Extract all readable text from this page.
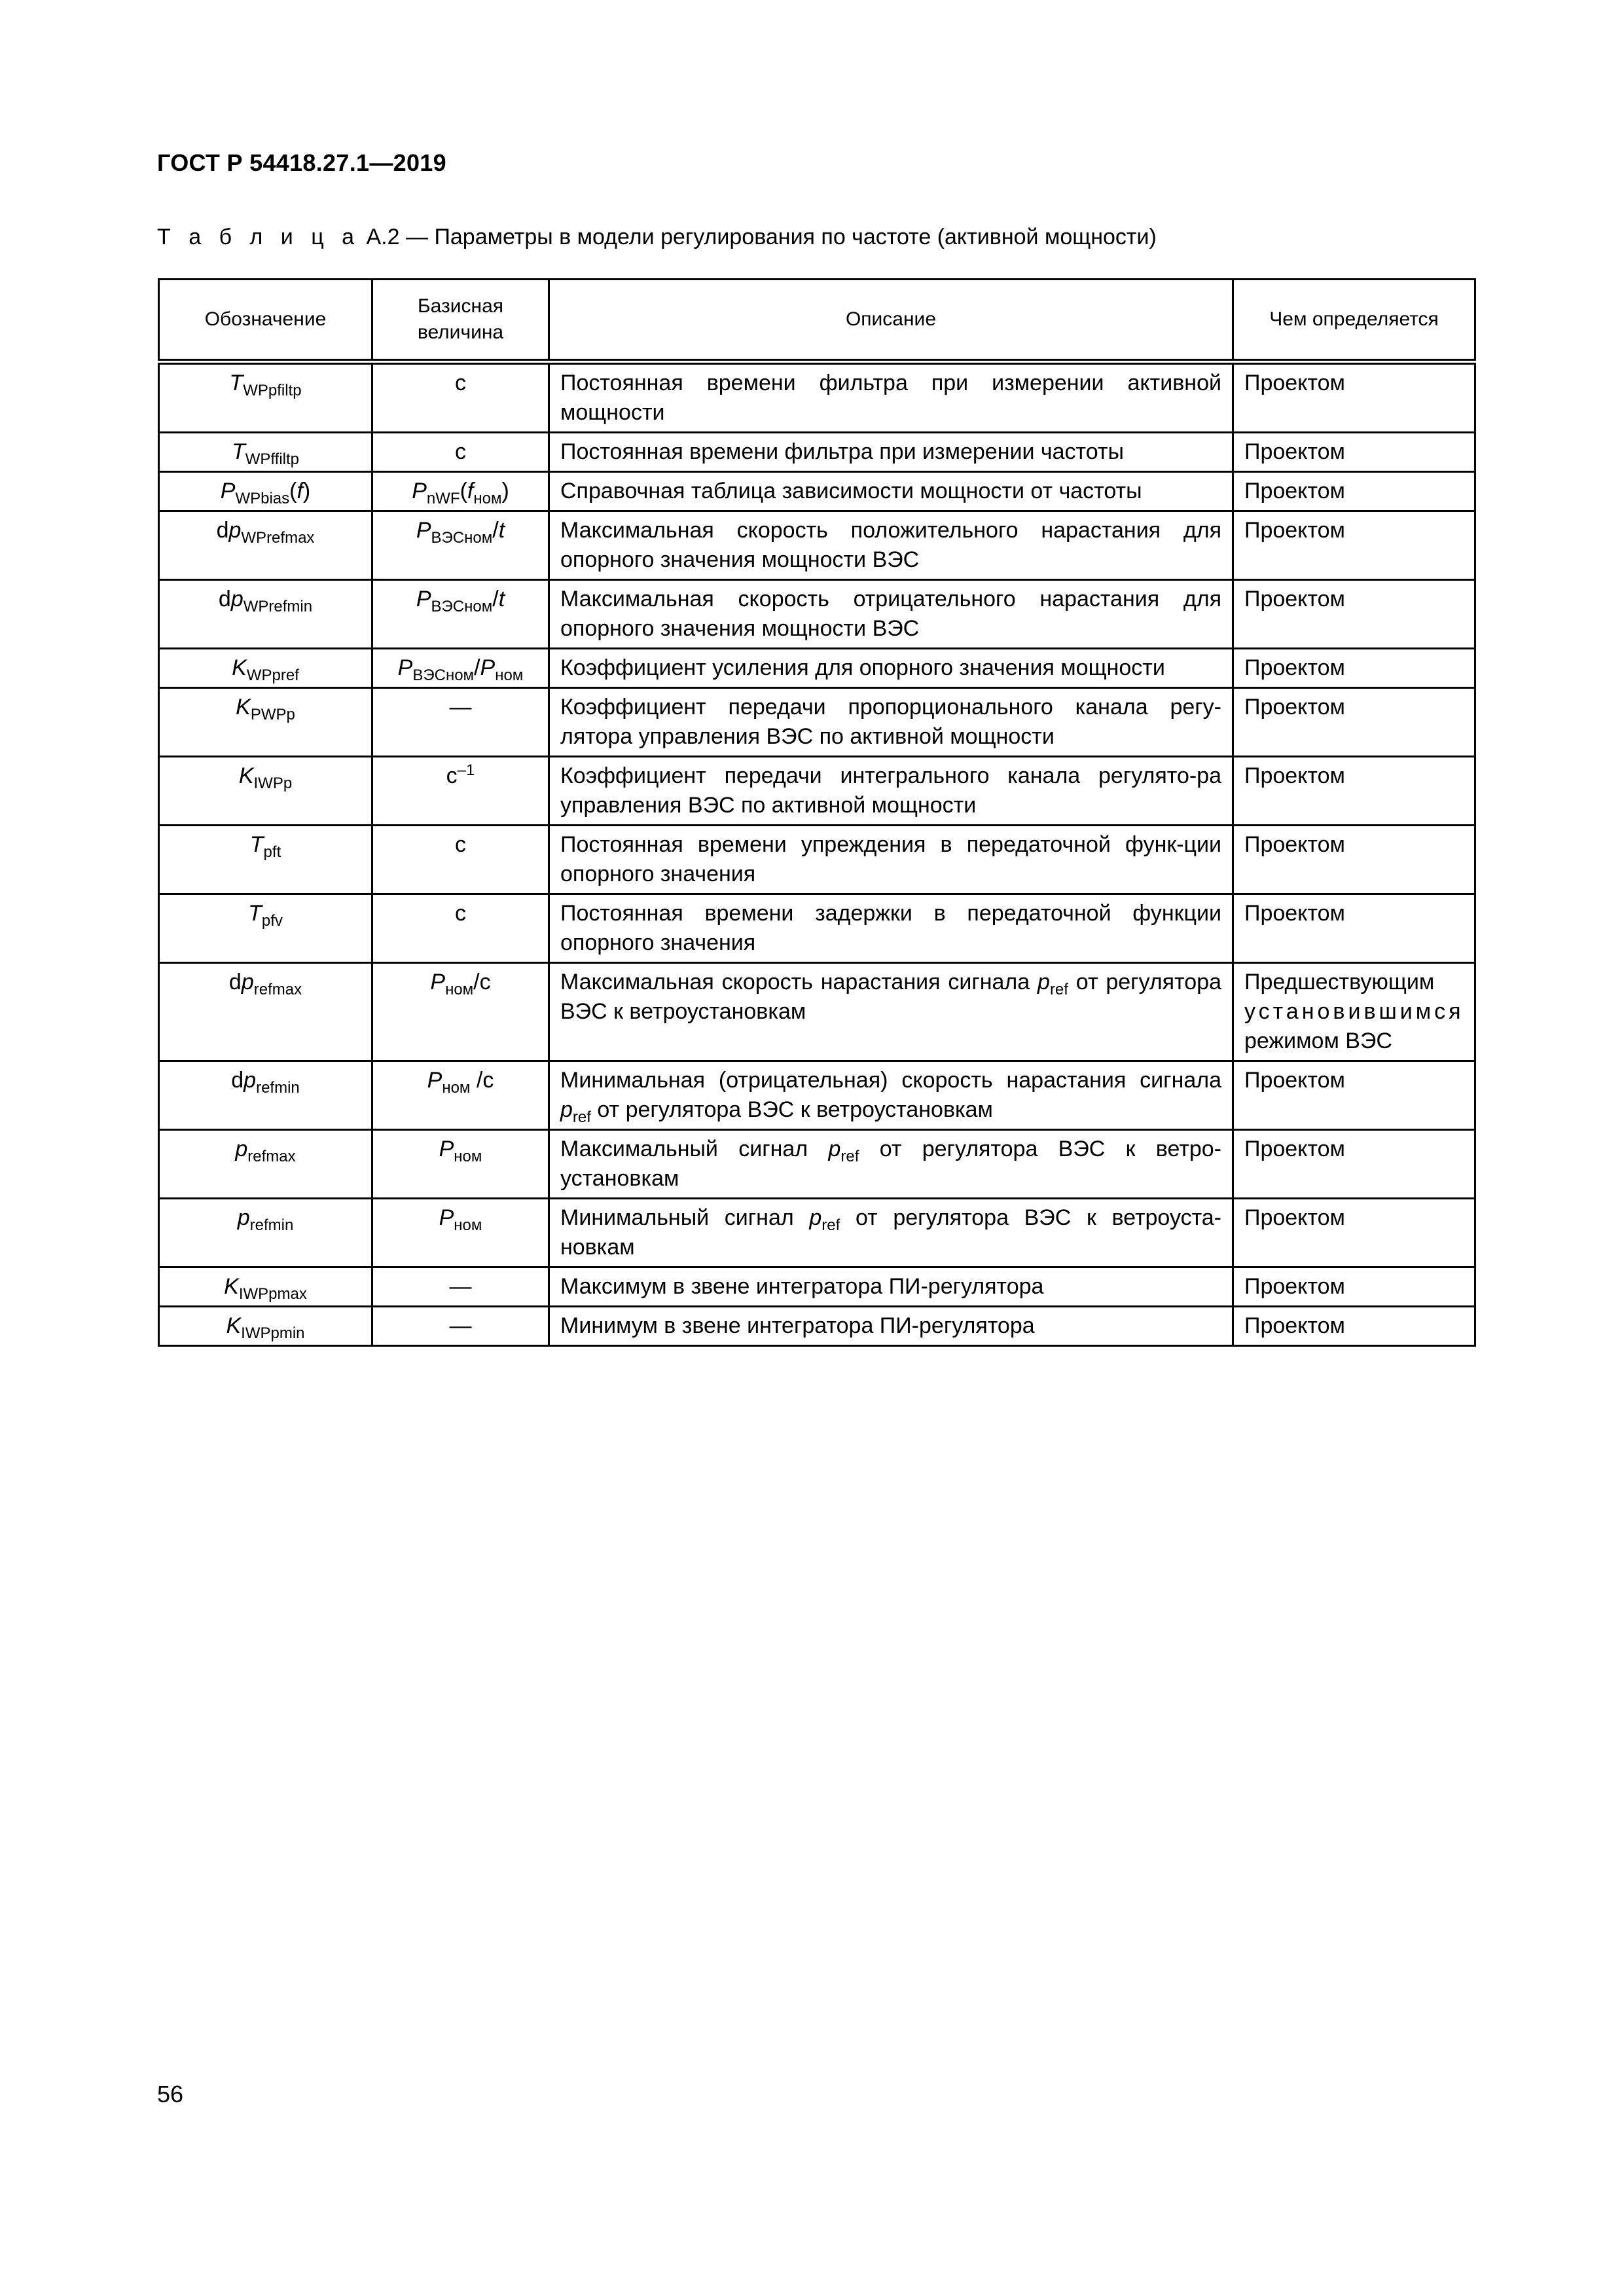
ГОСТ Р 54418.27.1—2019
Т а б л и ц а А.2 — Параметры в модели регулирования по частоте (активной мощности)
Обозначение	Базисная величина	Описание	Чем определяется
$T_{WPpfiltp}$	с	Постоянная времени фильтра при измерении активной мощности	Проектом
$T_{WPffiltp}$	с	Постоянная времени фильтра при измерении частоты	Проектом
$P_{WPbias}(f)$	$P_{nWF}(f_{ном})$	Справочная таблица зависимости мощности от частоты	Проектом
$dp_{WPrefmax}$	$P_{ВЭСном}/t$	Максимальная скорость положительного нарастания для опорного значения мощности ВЭС	Проектом
$dp_{WPrefmin}$	$P_{ВЭСном}/t$	Максимальная скорость отрицательного нарастания для опорного значения мощности ВЭС	Проектом
$K_{WPpref}$	$P_{ВЭСном}/P_{ном}$	Коэффициент усиления для опорного значения мощности	Проектом
$K_{PWPp}$	—	Коэффициент передачи пропорционального канала регу-лятора управления ВЭС по активной мощности	Проектом
$K_{IWPp}$	$с^{-1}$	Коэффициент передачи интегрального канала регулято-ра управления ВЭС по активной мощности	Проектом
$T_{pft}$	с	Постоянная времени упреждения в передаточной функ-ции опорного значения	Проектом
$T_{pfv}$	с	Постоянная времени задержки в передаточной функции опорного значения	Проектом
$dp_{refmax}$	$P_{ном}/с$	Максимальная скорость нарастания сигнала $p_{ref}$ от регулятора ВЭС к ветроустановкам	Предшествующим
установившимся
режимом ВЭС
$dp_{refmin}$	$P_{ном}$ /с	Минимальная (отрицательная) скорость нарастания сигнала $p_{ref}$ от регулятора ВЭС к ветроустановкам	Проектом
$p_{refmax}$	$P_{ном}$	Максимальный сигнал $p_{ref}$ от регулятора ВЭС к ветро-установкам	Проектом
$p_{refmin}$	$P_{ном}$	Минимальный сигнал $p_{ref}$ от регулятора ВЭС к ветроуста-новкам	Проектом
$K_{IWPpmax}$	—	Максимум в звене интегратора ПИ-регулятора	Проектом
$K_{IWPpmin}$	—	Минимум в звене интегратора ПИ-регулятора	Проектом
56
